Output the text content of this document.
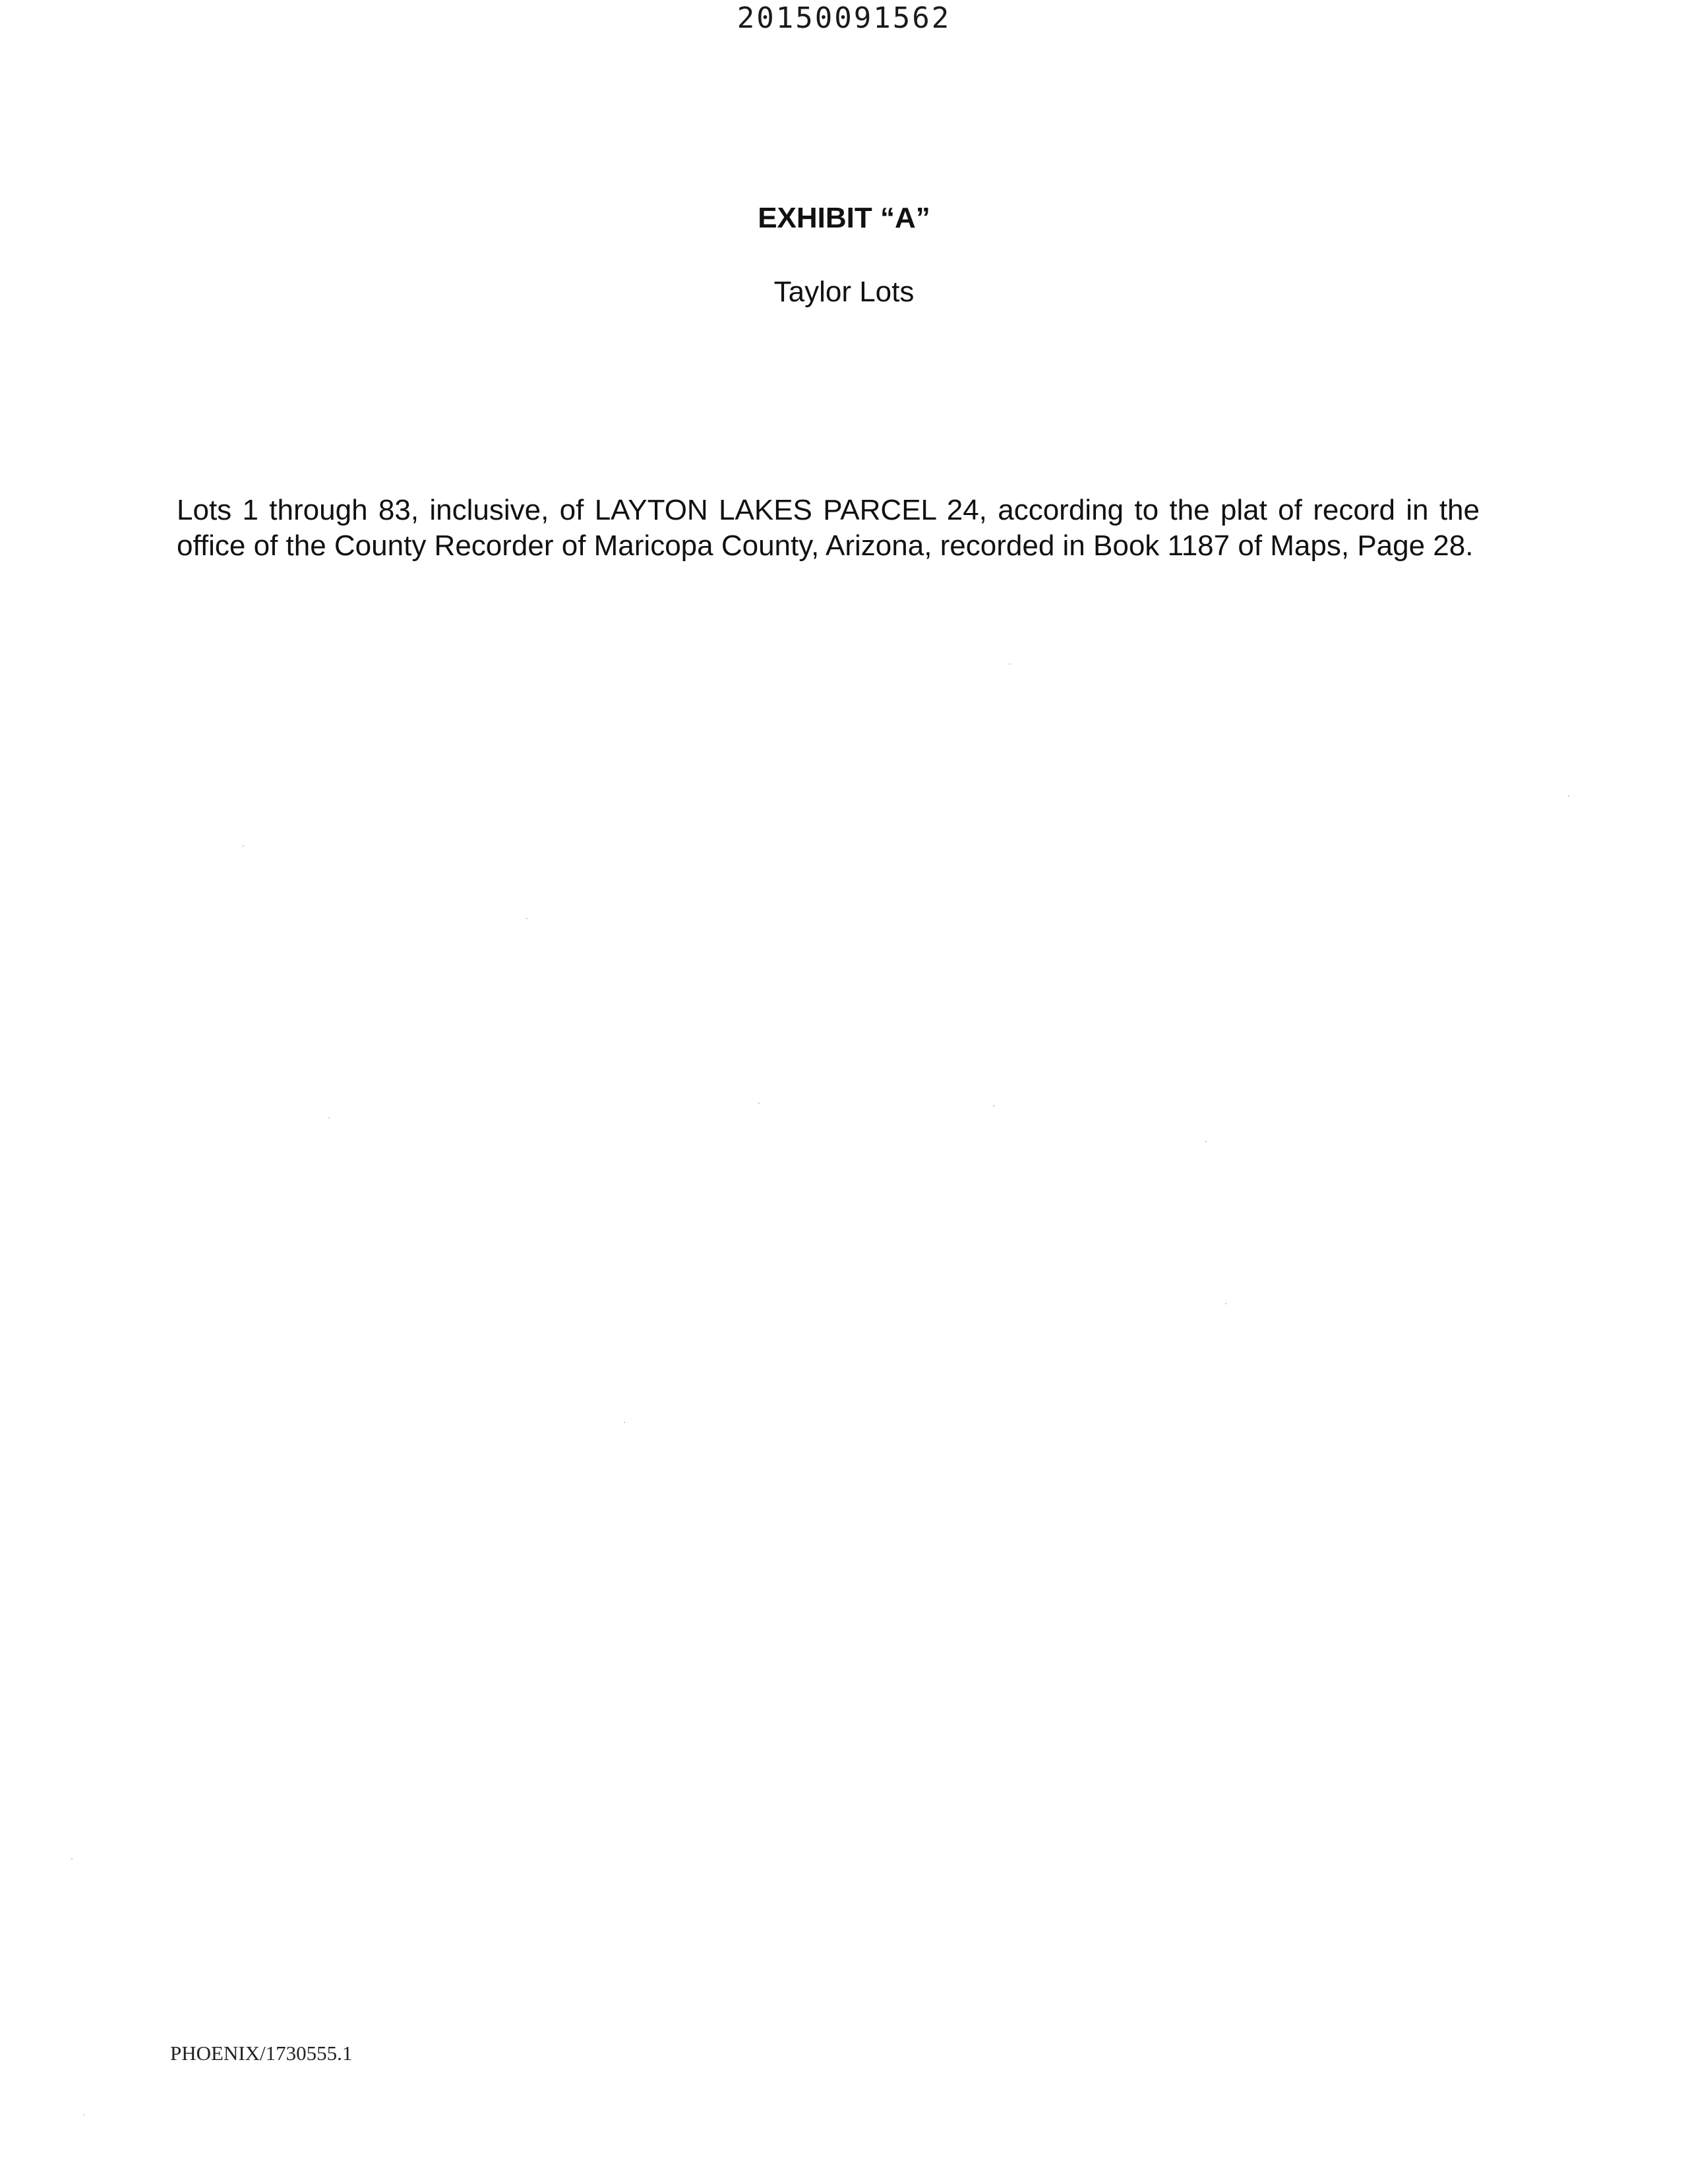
20150091562
EXHIBIT “A”
Taylor Lots

Lots 1 through 83, inclusive, of LAYTON LAKES PARCEL 24, according to the plat of record in the office of the County Recorder of Maricopa County, Arizona, recorded in Book 1187 of Maps, Page 28.

PHOENIX/1730555.1
